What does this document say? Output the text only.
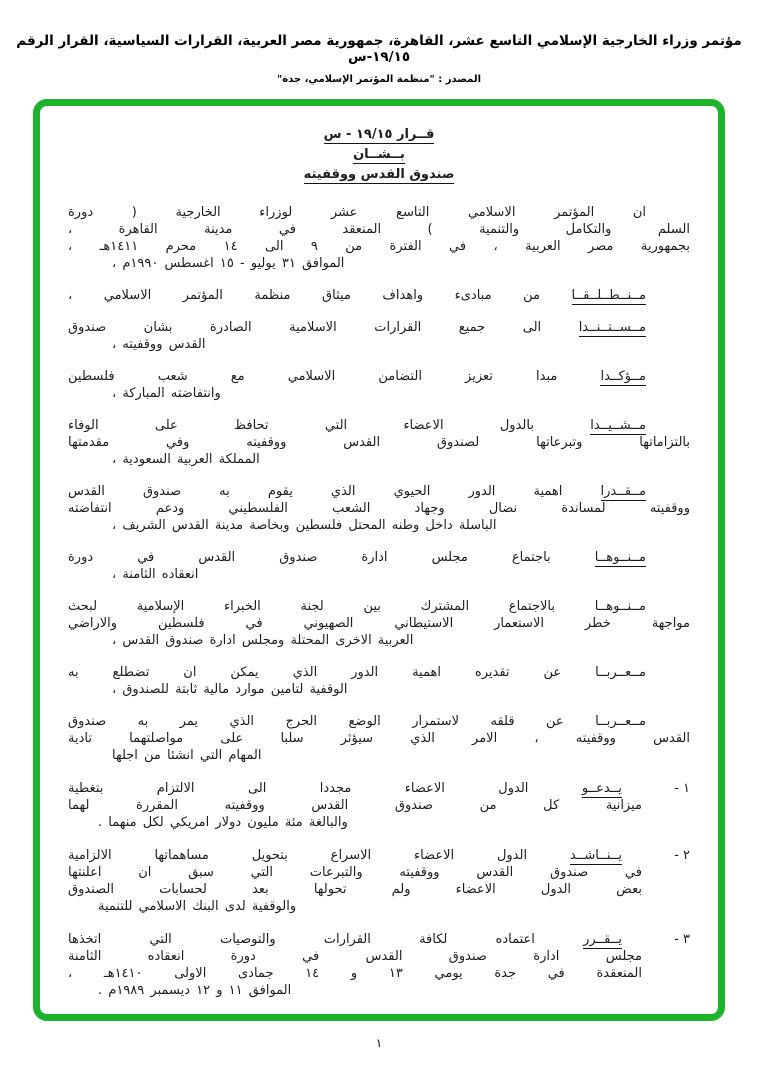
مؤتمر وزراء الخارجية الإسلامي التاسع عشر، القاهرة، جمهورية مصر العربية، القرارات السياسية، القرار الرقم ١٩/١٥-س
المصدر : "منظمة المؤتمر الإسلامي، جدة"
قــرار ١٩/١٥ - س
بــشــان
صندوق القدس ووقفيته
ان المؤتمر الاسلامي التاسع عشر لوزراء الخارجية ( دورة
السلم والتكامل والتنمية ) المنعقد في مدينة القاهرة ،
بجمهورية مصر العربية ، في الفترة من ٩ الى ١٤ محرم ١٤١١هـ ،
الموافق ٣١ يوليو - ١٥ اغسطس ١٩٩٠م ،
مــنــطــلــقــا من مبادىء واهداف ميثاق منظمة المؤتمر الاسلامي ،
مــســتــنــدا الى جميع القرارات الاسلامية الصادرة بشان صندوق
القدس ووقفيته ،
مــؤكــدا مبدا تعزيز التضامن الاسلامي مع شعب فلسطين
وانتفاضته المباركة ،
مــشــيــدا بالدول الاعضاء التي تحافظ على الوفاء
بالتزاماتها وتبرعاتها لصندوق القدس ووقفيته وفي مقدمتها
المملكة العربية السعودية ،
مــقــدرا اهمية الدور الحيوي الذي يقوم به صندوق القدس
ووقفيته لمساندة نضال وجهاد الشعب الفلسطيني ودعم انتفاضته
الباسلة داخل وطنه المحتل فلسطين وبخاصة مدينة القدس الشريف ،
مــنــوهــا باجتماع مجلس ادارة صندوق القدس في دورة
انعقاده الثامنة ،
مــنــوهــا بالاجتماع المشترك بين لجنة الخبراء الإسلامية لبحث
مواجهة خطر الاستعمار الاستيطاني الصهيوني في فلسطين والاراضي
العربية الاخرى المحتلة ومجلس ادارة صندوق القدس ،
مــعــربــا عن تقديره اهمية الدور الذي يمكن ان تضطلع به
الوقفية لتامين موارد مالية ثابتة للصندوق ،
مــعــربــا عن قلقه لاستمرار الوضع الحرج الذي يمر به صندوق
القدس ووقفيته ، الامر الذي سيؤثر سلبا على مواصلتهما تادية
المهام التي انشئا من اجلها
١ -
يــدعــو الدول الاعضاء مجددا الى الالتزام بتغطية
ميزانية كل من صندوق القدس ووقفيته المقررة لهما
والبالغة مئة مليون دولار امريكي لكل منهما .
٢ -
يــنــاشــد الدول الاعضاء الاسراع بتحويل مساهماتها الالزامية
في صندوق القدس ووقفيته والتبرعات التي سبق ان اعلنتها
بعض الدول الاعضاء ولم تحولها بعد لحسابات الصندوق
والوقفية لدى البنك الاسلامي للتنمية
٣ -
يــقــرر اعتماده لكافة القرارات والتوصيات التي اتخذها
مجلس ادارة صندوق القدس في دورة انعقاده الثامنة
المنعقدة في جدة يومي ١٣ و ١٤ جمادى الاولى ١٤١٠هـ ،
الموافق ١١ و ١٢ ديسمبر ١٩٨٩م .
١
